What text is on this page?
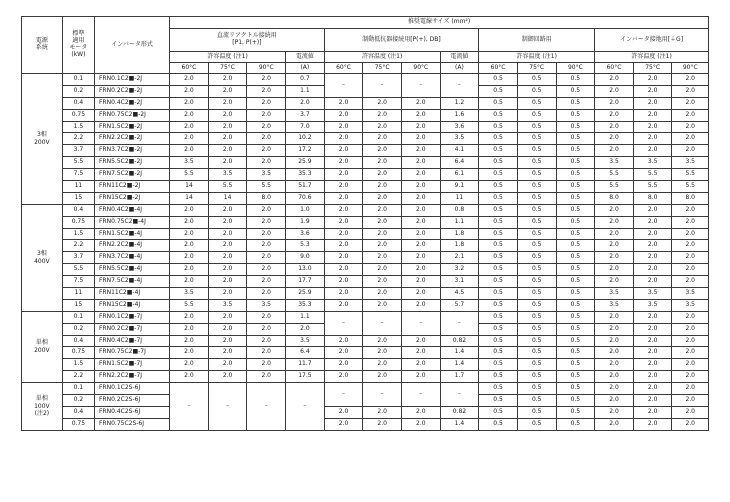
電源
系統	標準
適用
モータ
(kW)	インバータ形式	推奨電線サイズ (mm²)													
			直流リアクトル接続用
[P1, P(+)]				制動抵抗器接続用[P(+), DB]				制御回路用			インバータ接地用[⏚G]		
			許容温度 (注1)			電流値	許容温度 (注1)			電流値	許容温度 (注1)			許容温度 (注1)		
			60°C	75°C	90°C	(A)	60°C	75°C	90°C	(A)	60°C	75°C	90°C	60°C	75°C	90°C
3相
200V	0.1	FRN0.1C2■-2J	2.0	2.0	2.0	0.7	–	–	–	–	0.5	0.5	0.5	2.0	2.0	2.0
	0.2	FRN0.2C2■-2J	2.0	2.0	2.0	1.1					0.5	0.5	0.5	2.0	2.0	2.0
	0.4	FRN0.4C2■-2J	2.0	2.0	2.0	2.0	2.0	2.0	2.0	1.2	0.5	0.5	0.5	2.0	2.0	2.0
	0.75	FRN0.75C2■-2J	2.0	2.0	2.0	3.7	2.0	2.0	2.0	1.6	0.5	0.5	0.5	2.0	2.0	2.0
	1.5	FRN1.5C2■-2J	2.0	2.0	2.0	7.0	2.0	2.0	2.0	3.6	0.5	0.5	0.5	2.0	2.0	2.0
	2.2	FRN2.2C2■-2J	2.0	2.0	2.0	10.2	2.0	2.0	2.0	3.5	0.5	0.5	0.5	2.0	2.0	2.0
	3.7	FRN3.7C2■-2J	2.0	2.0	2.0	17.2	2.0	2.0	2.0	4.1	0.5	0.5	0.5	2.0	2.0	2.0
	5.5	FRN5.5C2■-2J	3.5	2.0	2.0	25.9	2.0	2.0	2.0	6.4	0.5	0.5	0.5	3.5	3.5	3.5
	7.5	FRN7.5C2■-2J	5.5	3.5	3.5	35.3	2.0	2.0	2.0	6.1	0.5	0.5	0.5	5.5	5.5	5.5
	11	FRN11C2■-2J	14	5.5	5.5	51.7	2.0	2.0	2.0	9.1	0.5	0.5	0.5	5.5	5.5	5.5
	15	FRN15C2■-2J	14	14	8.0	70.6	2.0	2.0	2.0	11	0.5	0.5	0.5	8.0	8.0	8.0
3相
400V	0.4	FRN0.4C2■-4J	2.0	2.0	2.0	1.0	2.0	2.0	2.0	0.8	0.5	0.5	0.5	2.0	2.0	2.0
	0.75	FRN0.75C2■-4J	2.0	2.0	2.0	1.9	2.0	2.0	2.0	1.1	0.5	0.5	0.5	2.0	2.0	2.0
	1.5	FRN1.5C2■-4J	2.0	2.0	2.0	3.6	2.0	2.0	2.0	1.8	0.5	0.5	0.5	2.0	2.0	2.0
	2.2	FRN2.2C2■-4J	2.0	2.0	2.0	5.3	2.0	2.0	2.0	1.8	0.5	0.5	0.5	2.0	2.0	2.0
	3.7	FRN3.7C2■-4J	2.0	2.0	2.0	9.0	2.0	2.0	2.0	2.1	0.5	0.5	0.5	2.0	2.0	2.0
	5.5	FRN5.5C2■-4J	2.0	2.0	2.0	13.0	2.0	2.0	2.0	3.2	0.5	0.5	0.5	2.0	2.0	2.0
	7.5	FRN7.5C2■-4J	2.0	2.0	2.0	17.7	2.0	2.0	2.0	3.1	0.5	0.5	0.5	2.0	2.0	2.0
	11	FRN11C2■-4J	3.5	2.0	2.0	25.9	2.0	2.0	2.0	4.5	0.5	0.5	0.5	3.5	3.5	3.5
	15	FRN15C2■-4J	5.5	3.5	3.5	35.3	2.0	2.0	2.0	5.7	0.5	0.5	0.5	3.5	3.5	3.5
単相
200V	0.1	FRN0.1C2■-7J	2.0	2.0	2.0	1.1	–	–	–	–	0.5	0.5	0.5	2.0	2.0	2.0
	0.2	FRN0.2C2■-7J	2.0	2.0	2.0	2.0					0.5	0.5	0.5	2.0	2.0	2.0
	0.4	FRN0.4C2■-7J	2.0	2.0	2.0	3.5	2.0	2.0	2.0	0.82	0.5	0.5	0.5	2.0	2.0	2.0
	0.75	FRN0.75C2■-7J	2.0	2.0	2.0	6.4	2.0	2.0	2.0	1.4	0.5	0.5	0.5	2.0	2.0	2.0
	1.5	FRN1.5C2■-7J	2.0	2.0	2.0	11.7	2.0	2.0	2.0	1.4	0.5	0.5	0.5	2.0	2.0	2.0
	2.2	FRN2.2C2■-7J	2.0	2.0	2.0	17.5	2.0	2.0	2.0	1.7	0.5	0.5	0.5	2.0	2.0	2.0
単相
100V
(注2)	0.1	FRN0.1C2S-6J	–	–	–	–	–	–	–	–	0.5	0.5	0.5	2.0	2.0	2.0
	0.2	FRN0.2C2S-6J									0.5	0.5	0.5	2.0	2.0	2.0
	0.4	FRN0.4C2S-6J					2.0	2.0	2.0	0.82	0.5	0.5	0.5	2.0	2.0	2.0
	0.75	FRN0.75C2S-6J					2.0	2.0	2.0	1.4	0.5	0.5	0.5	2.0	2.0	2.0
